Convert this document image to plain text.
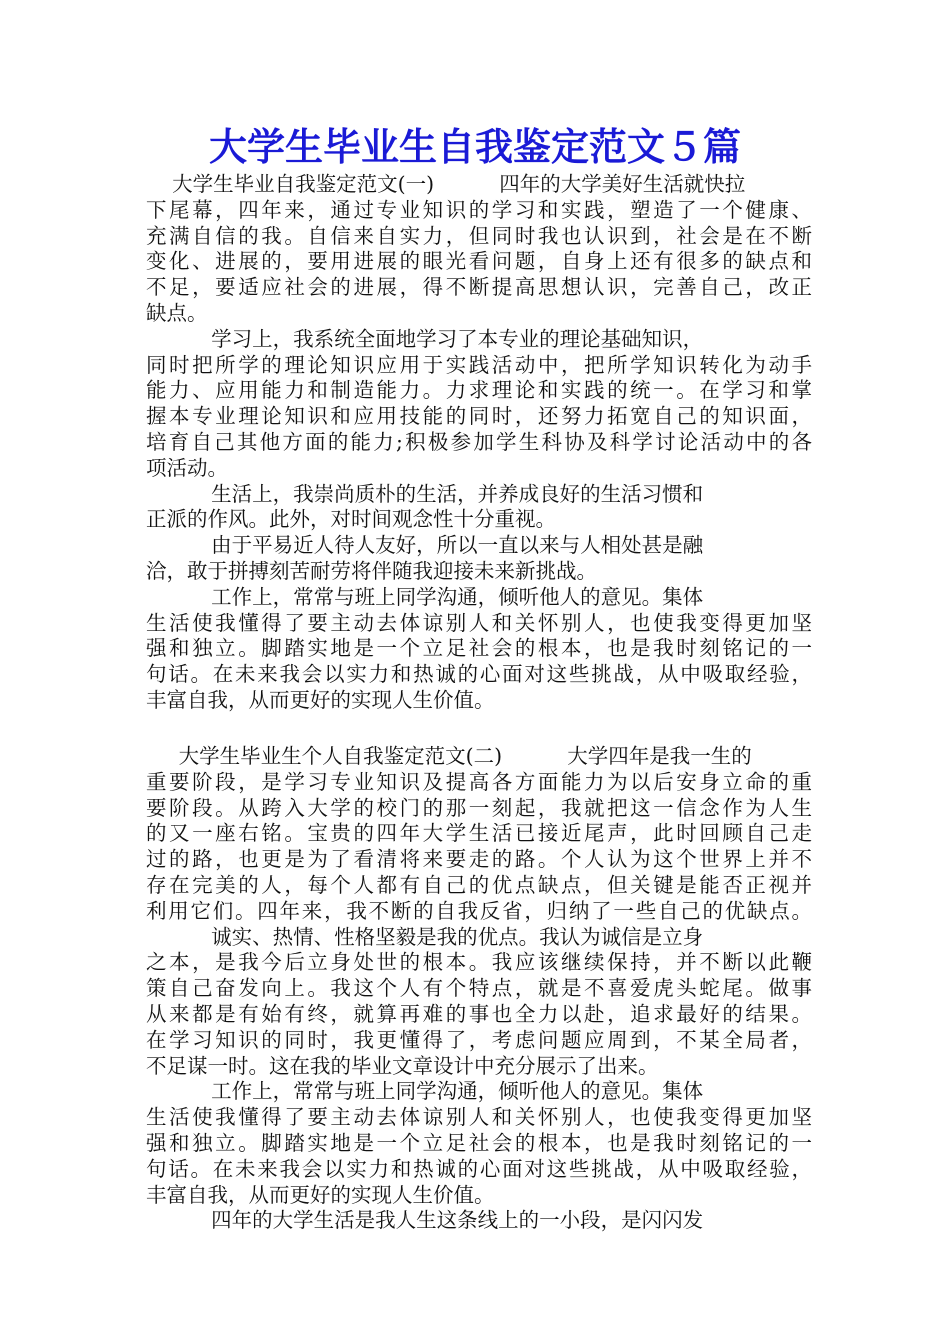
大学生毕业生自我鉴定范文５篇
大学生毕业自我鉴定范文(一)          四年的大学美好生活就快拉
下尾幕，四年来，通过专业知识的学习和实践，塑造了一个健康、
充满自信的我。自信来自实力，但同时我也认识到，社会是在不断
变化、进展的，要用进展的眼光看问题，自身上还有很多的缺点和
不足，要适应社会的进展，得不断提高思想认识，完善自己，改正
缺点。
学习上，我系统全面地学习了本专业的理论基础知识，
同时把所学的理论知识应用于实践活动中，把所学知识转化为动手
能力、应用能力和制造能力。力求理论和实践的统一。在学习和掌
握本专业理论知识和应用技能的同时，还努力拓宽自己的知识面，
培育自己其他方面的能力;积极参加学生科协及科学讨论活动中的各
项活动。
生活上，我崇尚质朴的生活，并养成良好的生活习惯和
正派的作风。此外，对时间观念性十分重视。
由于平易近人待人友好，所以一直以来与人相处甚是融
洽，敢于拼搏刻苦耐劳将伴随我迎接未来新挑战。
工作上，常常与班上同学沟通，倾听他人的意见。集体
生活使我懂得了要主动去体谅别人和关怀别人，也使我变得更加坚
强和独立。脚踏实地是一个立足社会的根本，也是我时刻铭记的一
句话。在未来我会以实力和热诚的心面对这些挑战，从中吸取经验，
丰富自我，从而更好的实现人生价值。
大学生毕业生个人自我鉴定范文(二)          大学四年是我一生的
重要阶段，是学习专业知识及提高各方面能力为以后安身立命的重
要阶段。从跨入大学的校门的那一刻起，我就把这一信念作为人生
的又一座右铭。宝贵的四年大学生活已接近尾声，此时回顾自己走
过的路，也更是为了看清将来要走的路。个人认为这个世界上并不
存在完美的人，每个人都有自己的优点缺点，但关键是能否正视并
利用它们。四年来，我不断的自我反省，归纳了一些自己的优缺点。
诚实、热情、性格坚毅是我的优点。我认为诚信是立身
之本，是我今后立身处世的根本。我应该继续保持，并不断以此鞭
策自己奋发向上。我这个人有个特点，就是不喜爱虎头蛇尾。做事
从来都是有始有终，就算再难的事也全力以赴，追求最好的结果。
在学习知识的同时，我更懂得了，考虑问题应周到，不某全局者，
不足谋一时。这在我的毕业文章设计中充分展示了出来。
工作上，常常与班上同学沟通，倾听他人的意见。集体
生活使我懂得了要主动去体谅别人和关怀别人，也使我变得更加坚
强和独立。脚踏实地是一个立足社会的根本，也是我时刻铭记的一
句话。在未来我会以实力和热诚的心面对这些挑战，从中吸取经验，
丰富自我，从而更好的实现人生价值。
四年的大学生活是我人生这条线上的一小段，是闪闪发
